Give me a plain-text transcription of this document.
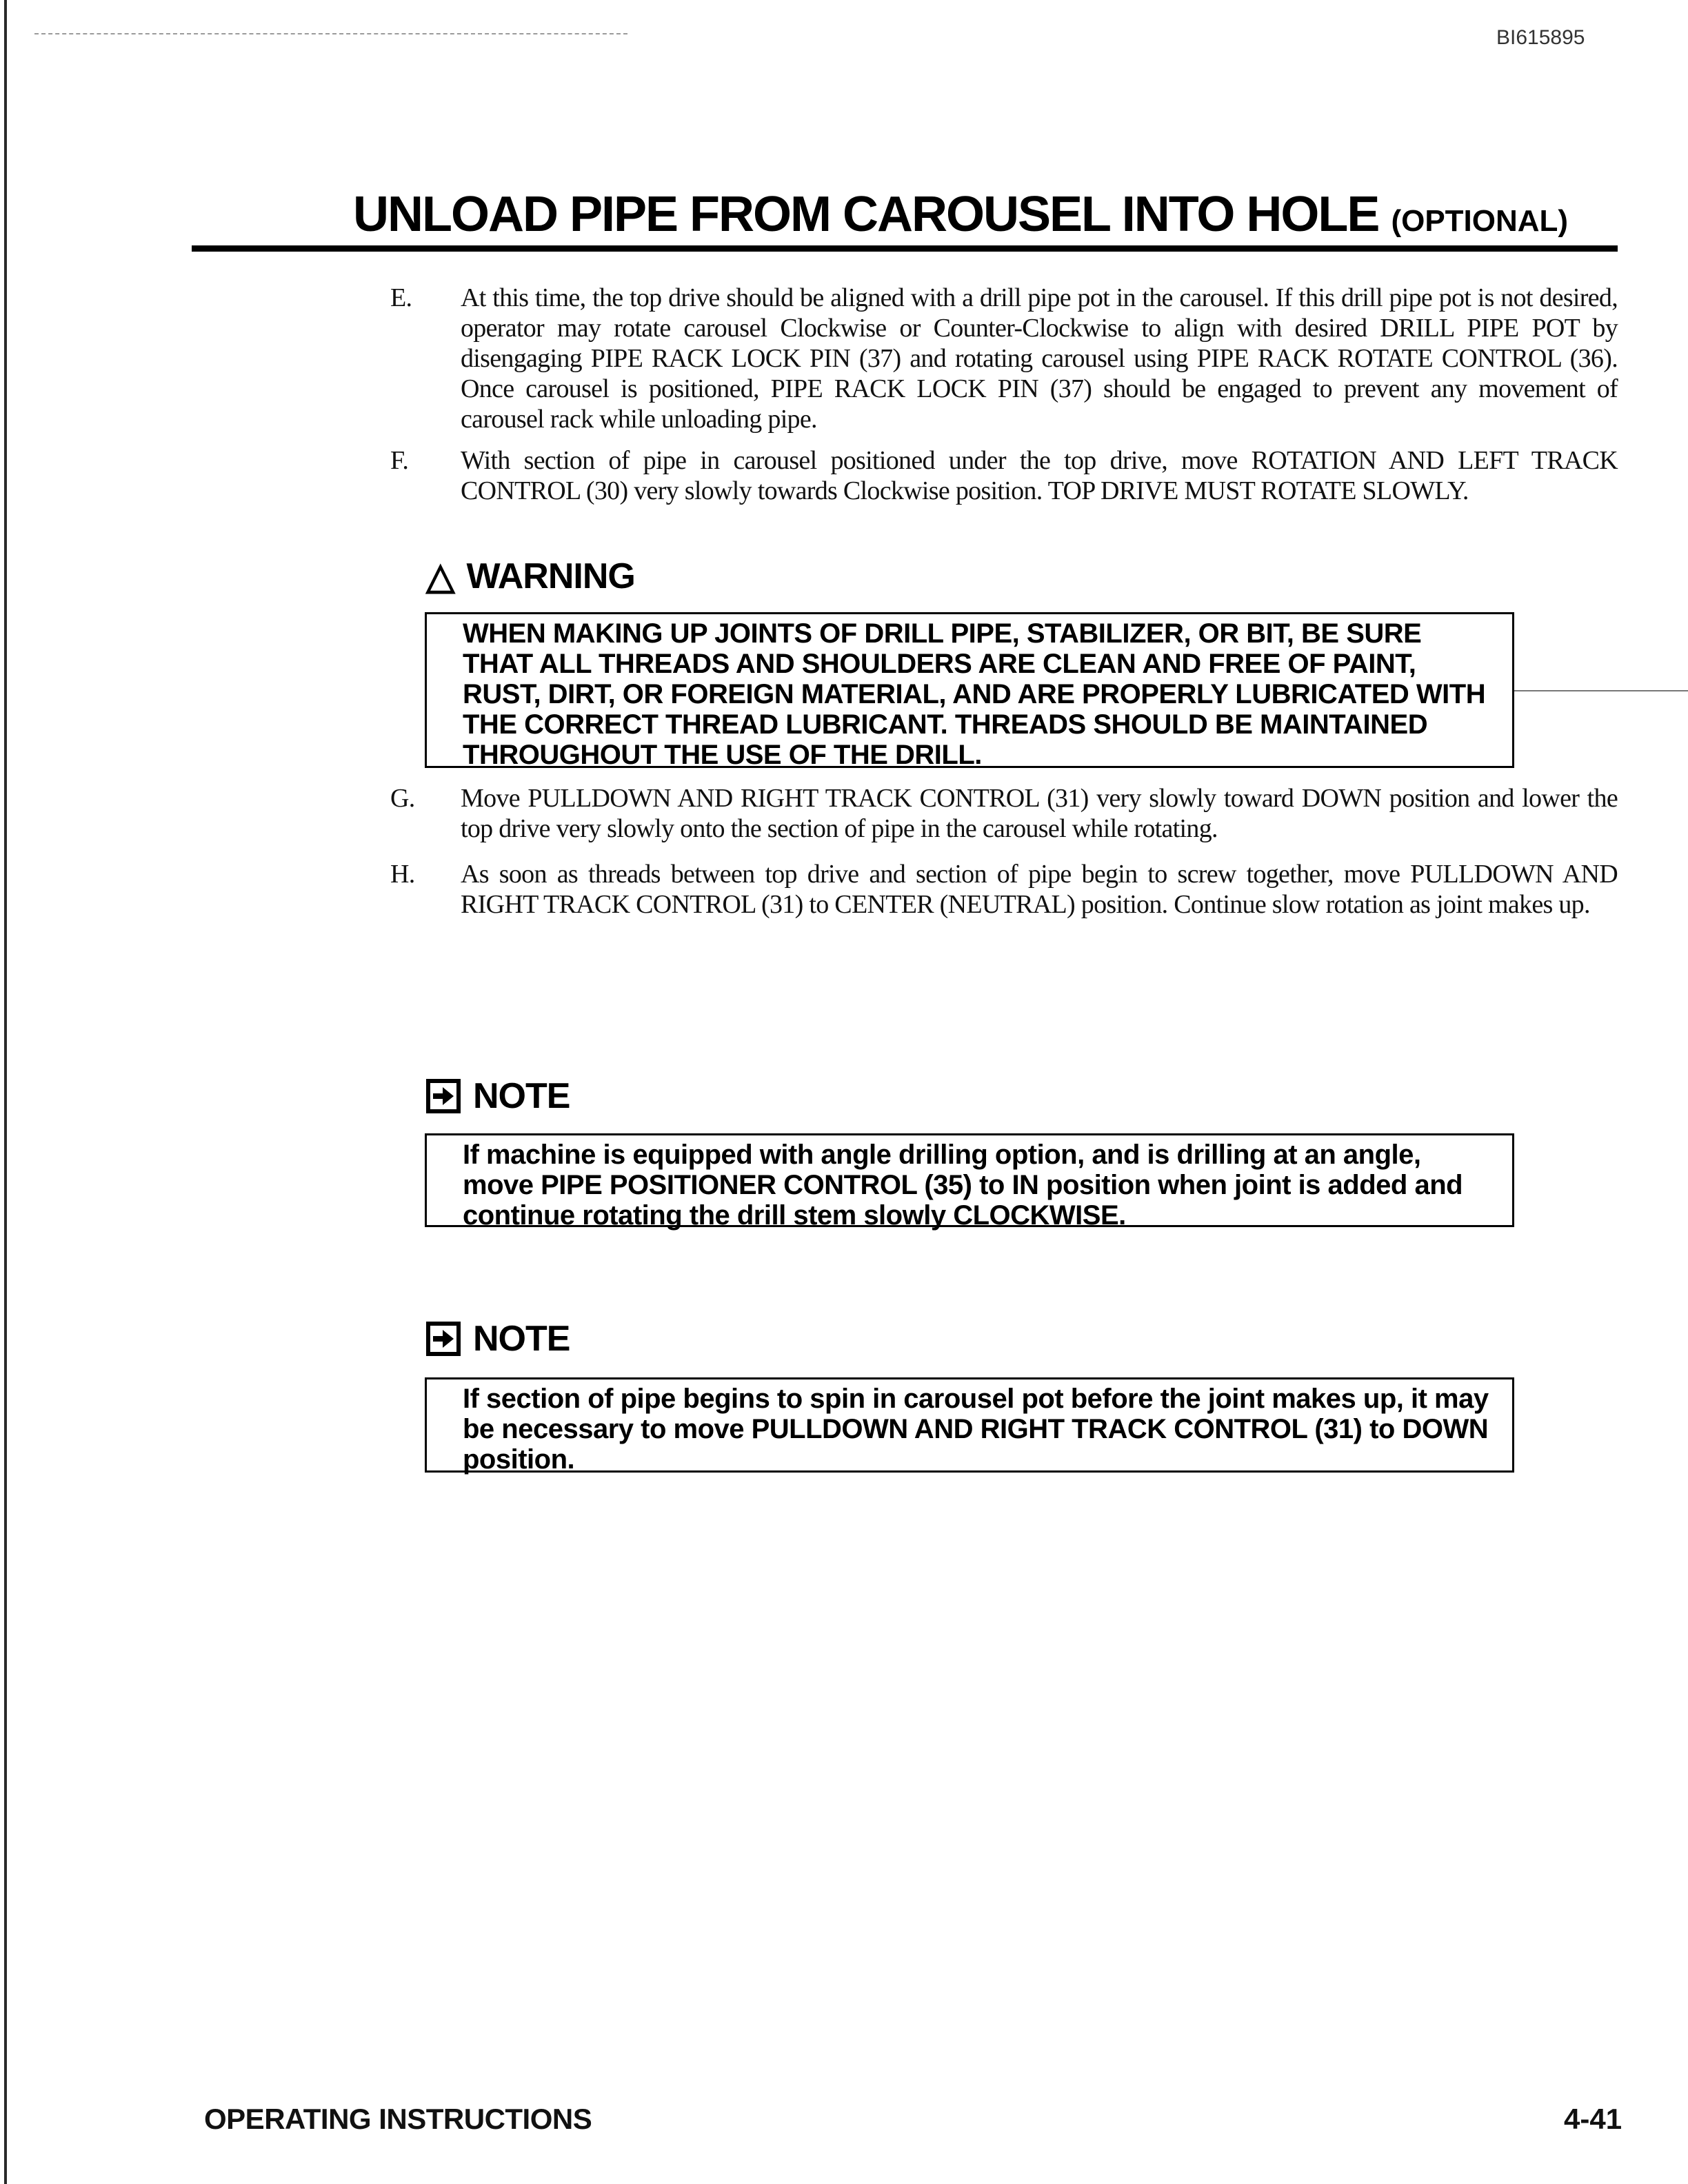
BI615895
UNLOAD PIPE FROM CAROUSEL INTO HOLE (OPTIONAL)
E. At this time, the top drive should be aligned with a drill pipe pot in the carousel. If this drill pipe pot is not desired, operator may rotate carousel Clockwise or Counter-Clockwise to align with desired DRILL PIPE POT by disengaging PIPE RACK LOCK PIN (37) and rotating carousel using PIPE RACK ROTATE CONTROL (36). Once carousel is positioned, PIPE RACK LOCK PIN (37) should be engaged to prevent any movement of carousel rack while unloading pipe.
F. With section of pipe in carousel positioned under the top drive, move ROTATION AND LEFT TRACK CONTROL (30) very slowly towards Clockwise position. TOP DRIVE MUST ROTATE SLOWLY.
△ WARNING
WHEN MAKING UP JOINTS OF DRILL PIPE, STABILIZER, OR BIT, BE SURE THAT ALL THREADS AND SHOULDERS ARE CLEAN AND FREE OF PAINT, RUST, DIRT, OR FOREIGN MATERIAL, AND ARE PROPERLY LUBRICATED WITH THE CORRECT THREAD LUBRICANT. THREADS SHOULD BE MAINTAINED THROUGHOUT THE USE OF THE DRILL.
G. Move PULLDOWN AND RIGHT TRACK CONTROL (31) very slowly toward DOWN position and lower the top drive very slowly onto the section of pipe in the carousel while rotating.
H. As soon as threads between top drive and section of pipe begin to screw together, move PULLDOWN AND RIGHT TRACK CONTROL (31) to CENTER (NEUTRAL) position. Continue slow rotation as joint makes up.
NOTE
If machine is equipped with angle drilling option, and is drilling at an angle, move PIPE POSITIONER CONTROL (35) to IN position when joint is added and continue rotating the drill stem slowly CLOCKWISE.
NOTE
If section of pipe begins to spin in carousel pot before the joint makes up, it may be necessary to move PULLDOWN AND RIGHT TRACK CONTROL (31) to DOWN position.
OPERATING INSTRUCTIONS	4-41
